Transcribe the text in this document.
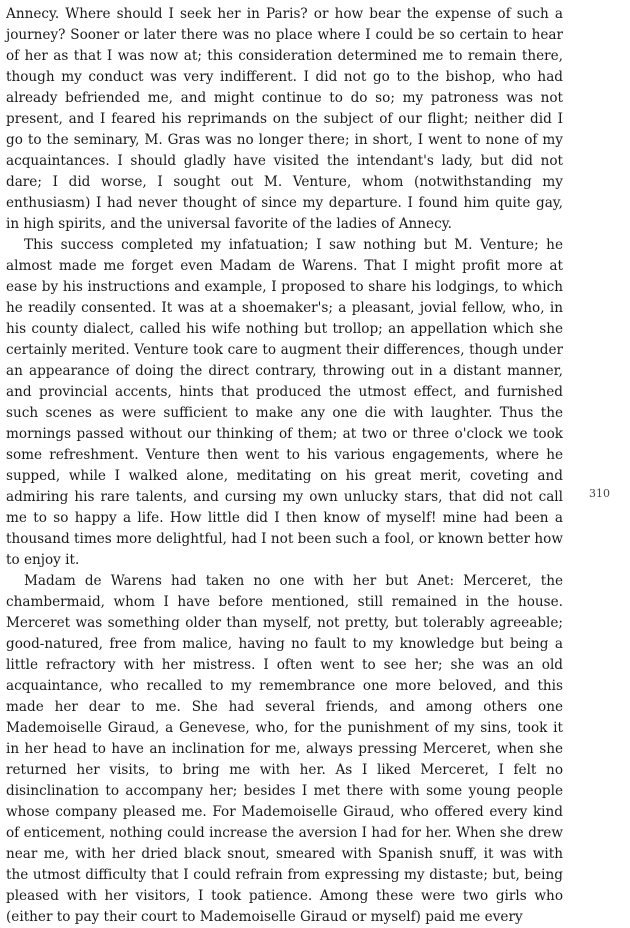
Annecy. Where should I seek her in Paris? or how bear the expense of such a journey? Sooner or later there was no place where I could be so certain to hear of her as that I was now at; this consideration determined me to remain there, though my conduct was very indifferent. I did not go to the bishop, who had already befriended me, and might continue to do so; my patroness was not present, and I feared his reprimands on the subject of our flight; neither did I go to the seminary, M. Gras was no longer there; in short, I went to none of my acquaintances. I should gladly have visited the intendant's lady, but did not dare; I did worse, I sought out M. Venture, whom (notwithstanding my enthusiasm) I had never thought of since my departure. I found him quite gay, in high spirits, and the universal favorite of the ladies of Annecy.

This success completed my infatuation; I saw nothing but M. Venture; he almost made me forget even Madam de Warens. That I might profit more at ease by his instructions and example, I proposed to share his lodgings, to which he readily consented. It was at a shoemaker's; a pleasant, jovial fellow, who, in his county dialect, called his wife nothing but trollop; an appellation which she certainly merited. Venture took care to augment their differences, though under an appearance of doing the direct contrary, throwing out in a distant manner, and provincial accents, hints that produced the utmost effect, and furnished such scenes as were sufficient to make any one die with laughter. Thus the mornings passed without our thinking of them; at two or three o'clock we took some refreshment. Venture then went to his various engagements, where he supped, while I walked alone, meditating on his great merit, coveting and admiring his rare talents, and cursing my own unlucky stars, that did not call me to so happy a life. How little did I then know of myself! mine had been a thousand times more delightful, had I not been such a fool, or known better how to enjoy it.

Madam de Warens had taken no one with her but Anet: Merceret, the chambermaid, whom I have before mentioned, still remained in the house. Merceret was something older than myself, not pretty, but tolerably agreeable; good-natured, free from malice, having no fault to my knowledge but being a little refractory with her mistress. I often went to see her; she was an old acquaintance, who recalled to my remembrance one more beloved, and this made her dear to me. She had several friends, and among others one Mademoiselle Giraud, a Genevese, who, for the punishment of my sins, took it in her head to have an inclination for me, always pressing Merceret, when she returned her visits, to bring me with her. As I liked Merceret, I felt no disinclination to accompany her; besides I met there with some young people whose company pleased me. For Mademoiselle Giraud, who offered every kind of enticement, nothing could increase the aversion I had for her. When she drew near me, with her dried black snout, smeared with Spanish snuff, it was with the utmost difficulty that I could refrain from expressing my distaste; but, being pleased with her visitors, I took patience. Among these were two girls who (either to pay their court to Mademoiselle Giraud or myself) paid me every

310
